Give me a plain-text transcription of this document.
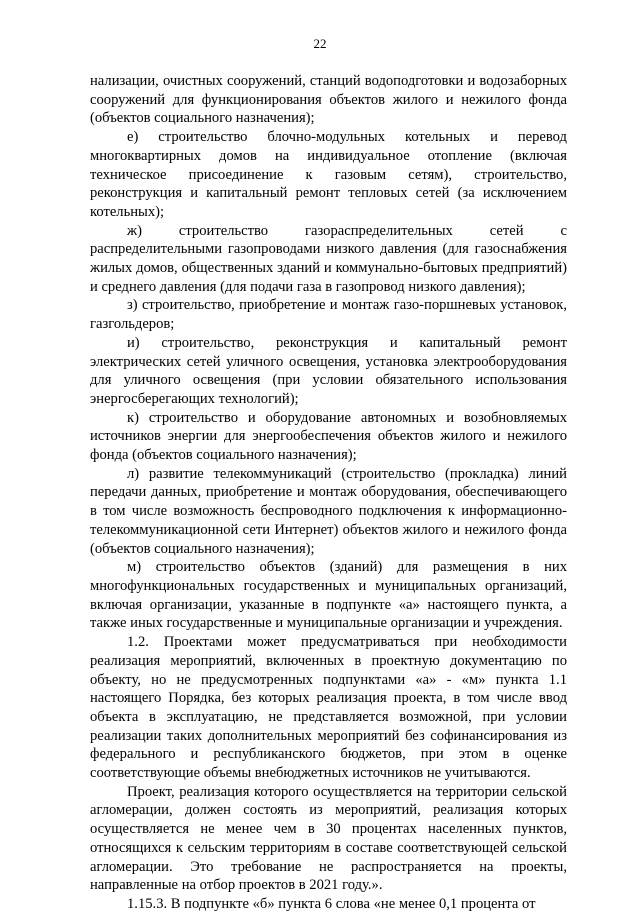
22

нализации, очистных сооружений, станций водоподготовки и водозаборных сооружений для функционирования объектов жилого и нежилого фонда (объектов социального назначения);

е) строительство блочно-модульных котельных и перевод многоквартирных домов на индивидуальное отопление (включая техническое присоединение к газовым сетям), строительство, реконструкция и капитальный ремонт тепловых сетей (за исключением котельных);

ж) строительство газораспределительных сетей с распределительными газопроводами низкого давления (для газоснабжения жилых домов, общественных зданий и коммунально-бытовых предприятий) и среднего давления (для подачи газа в газопровод низкого давления);

з) строительство, приобретение и монтаж газо-поршневых установок, газгольдеров;

и) строительство, реконструкция и капитальный ремонт электрических сетей уличного освещения, установка электрооборудования для уличного освещения (при условии обязательного использования энергосберегающих технологий);

к) строительство и оборудование автономных и возобновляемых источников энергии для энергообеспечения объектов жилого и нежилого фонда (объектов социального назначения);

л) развитие телекоммуникаций (строительство (прокладка) линий передачи данных, приобретение и монтаж оборудования, обеспечивающего в том числе возможность беспроводного подключения к информационно-телекоммуникационной сети Интернет) объектов жилого и нежилого фонда (объектов социального назначения);

м) строительство объектов (зданий) для размещения в них многофункциональных государственных и муниципальных организаций, включая организации, указанные в подпункте «а» настоящего пункта, а также иных государственные и муниципальные организации и учреждения.

1.2. Проектами может предусматриваться при необходимости реализация мероприятий, включенных в проектную документацию по объекту, но не предусмотренных подпунктами «а» - «м» пункта 1.1 настоящего Порядка, без которых реализация проекта, в том числе ввод объекта в эксплуатацию, не представляется возможной, при условии реализации таких дополнительных мероприятий без софинансирования из федерального и республиканского бюджетов, при этом в оценке соответствующие объемы внебюджетных источников не учитываются.

Проект, реализация которого осуществляется на территории сельской агломерации, должен состоять из мероприятий, реализация которых осуществляется не менее чем в 30 процентах населенных пунктов, относящихся к сельским территориям в составе соответствующей сельской агломерации. Это требование не распространяется на проекты, направленные на отбор проектов в 2021 году.».

1.15.3. В подпункте «б» пункта 6 слова «не менее 0,1 процента от
